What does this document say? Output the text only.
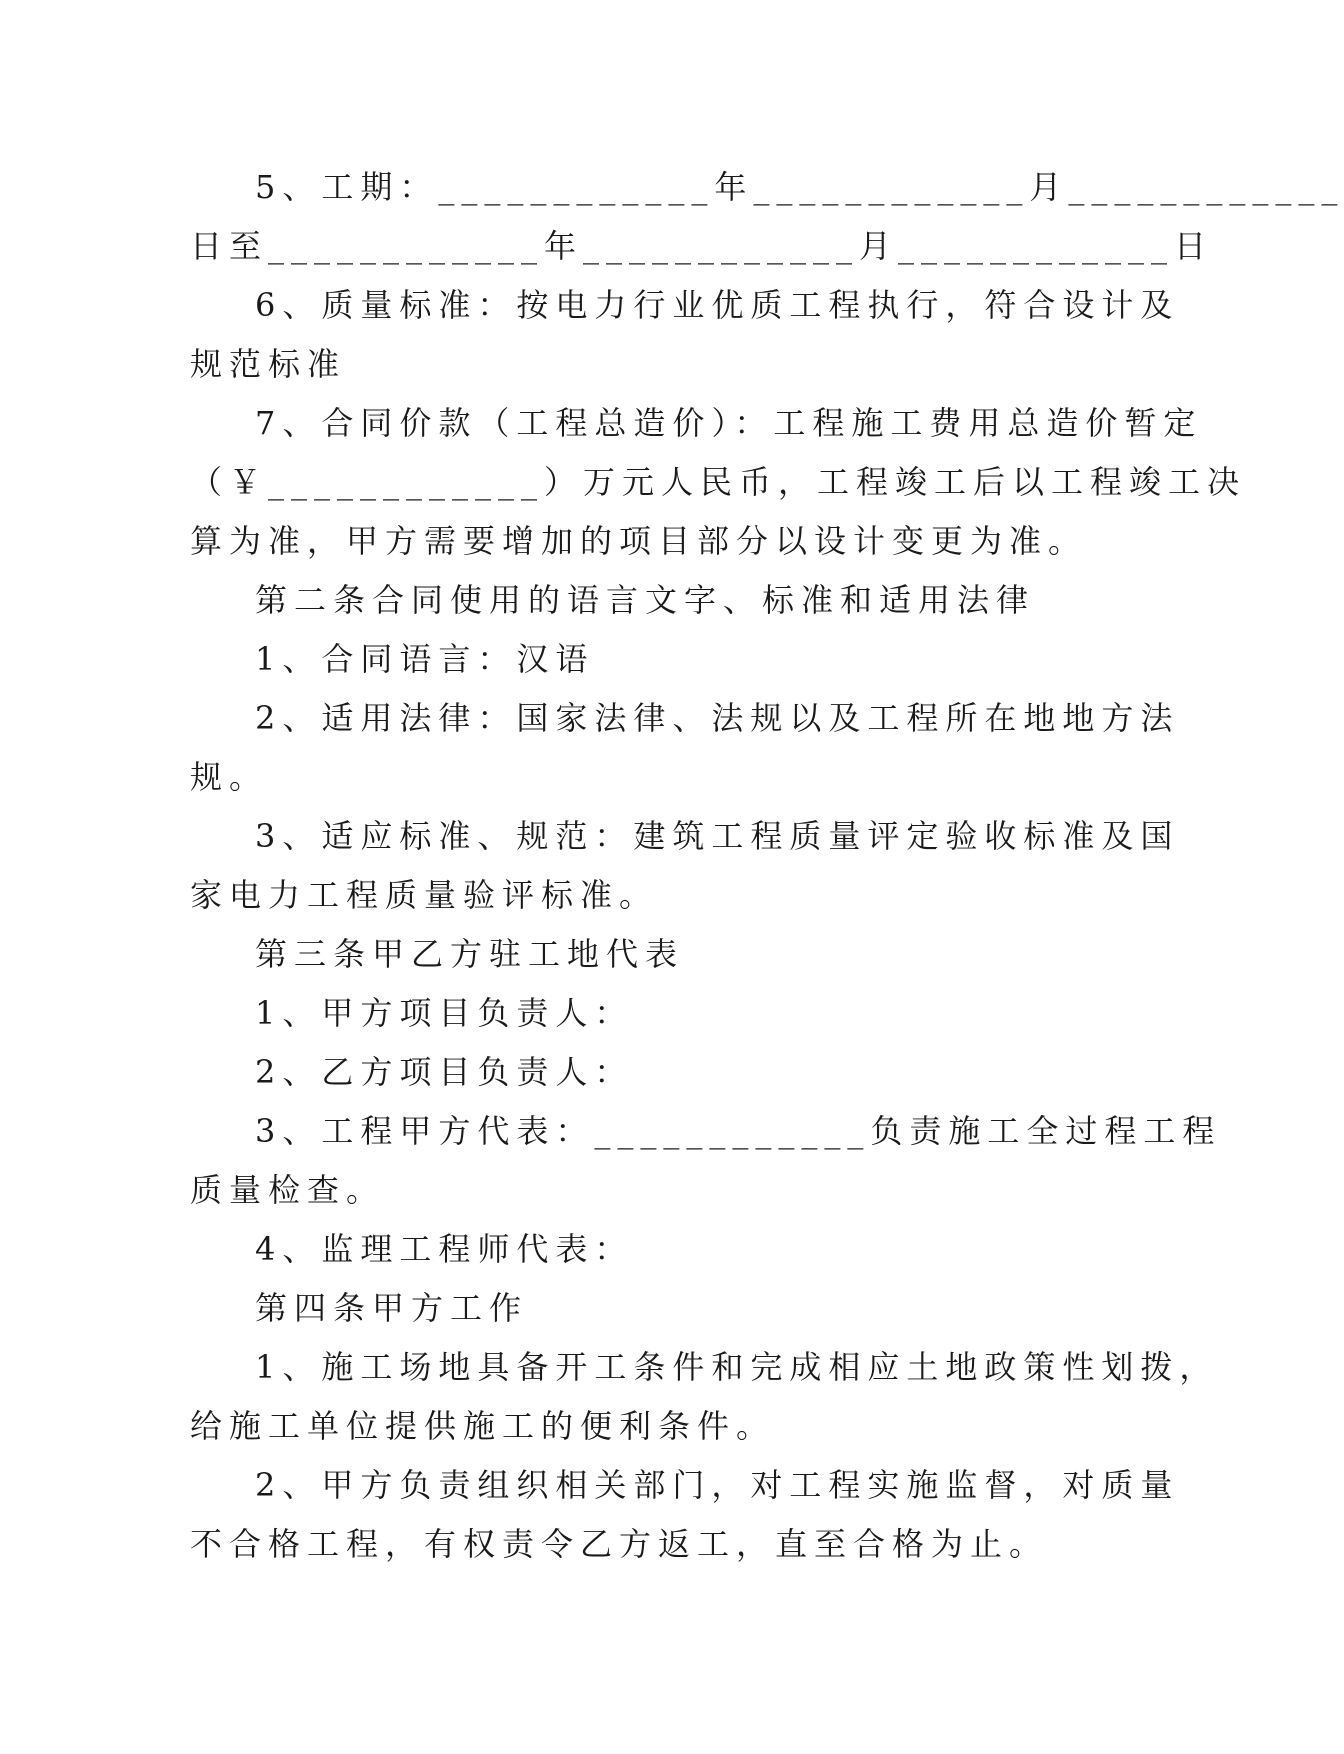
5、工期：____________年____________月____________
日至____________年____________月____________日
6、质量标准：按电力行业优质工程执行，符合设计及
规范标准
7、合同价款（工程总造价）：工程施工费用总造价暂定
（￥____________）万元人民币，工程竣工后以工程竣工决
算为准，甲方需要增加的项目部分以设计变更为准。
第二条合同使用的语言文字、标准和适用法律
1、合同语言：汉语
2、适用法律：国家法律、法规以及工程所在地地方法
规。
3、适应标准、规范：建筑工程质量评定验收标准及国
家电力工程质量验评标准。
第三条甲乙方驻工地代表
1、甲方项目负责人：
2、乙方项目负责人：
3、工程甲方代表：____________负责施工全过程工程
质量检查。
4、监理工程师代表：
第四条甲方工作
1、施工场地具备开工条件和完成相应土地政策性划拨，
给施工单位提供施工的便利条件。
2、甲方负责组织相关部门，对工程实施监督，对质量
不合格工程，有权责令乙方返工，直至合格为止。
